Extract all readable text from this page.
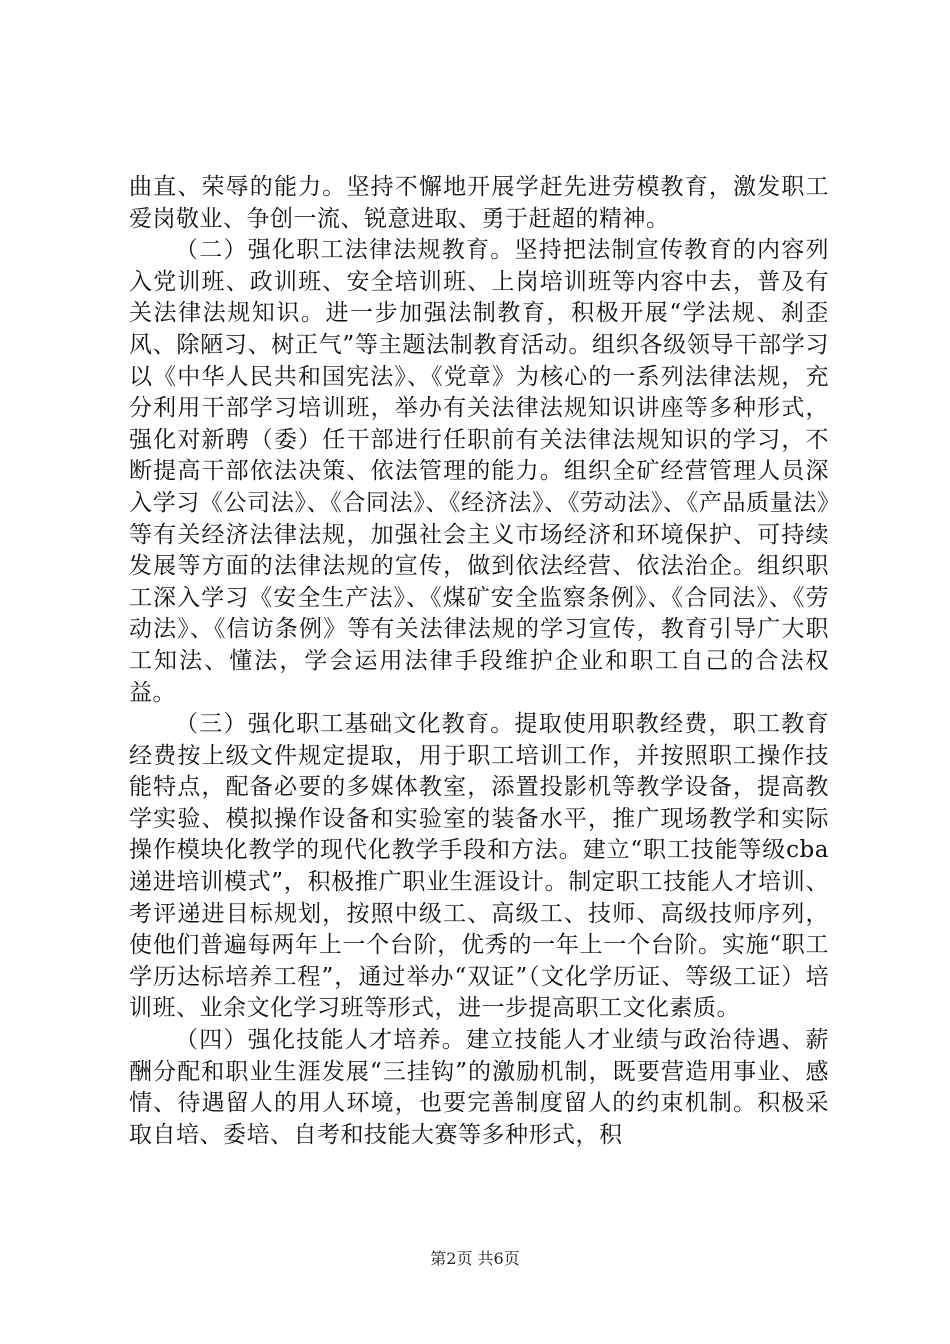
曲直、荣辱的能力。坚持不懈地开展学赶先进劳模教育，激发职工爱岗敬业、争创一流、锐意进取、勇于赶超的精神。

（二）强化职工法律法规教育。坚持把法制宣传教育的内容列入党训班、政训班、安全培训班、上岗培训班等内容中去，普及有关法律法规知识。进一步加强法制教育，积极开展“学法规、刹歪风、除陋习、树正气”等主题法制教育活动。组织各级领导干部学习以《中华人民共和国宪法》、《党章》为核心的一系列法律法规，充分利用干部学习培训班，举办有关法律法规知识讲座等多种形式，强化对新聘（委）任干部进行任职前有关法律法规知识的学习，不断提高干部依法决策、依法管理的能力。组织全矿经营管理人员深入学习《公司法》、《合同法》、《经济法》、《劳动法》、《产品质量法》等有关经济法律法规，加强社会主义市场经济和环境保护、可持续发展等方面的法律法规的宣传，做到依法经营、依法治企。组织职工深入学习《安全生产法》、《煤矿安全监察条例》、《合同法》、《劳动法》、《信访条例》等有关法律法规的学习宣传，教育引导广大职工知法、懂法，学会运用法律手段维护企业和职工自己的合法权益。

（三）强化职工基础文化教育。提取使用职教经费，职工教育经费按上级文件规定提取，用于职工培训工作，并按照职工操作技能特点，配备必要的多媒体教室，添置投影机等教学设备，提高教学实验、模拟操作设备和实验室的装备水平，推广现场教学和实际操作模块化教学的现代化教学手段和方法。建立“职工技能等级cba递进培训模式”，积极推广职业生涯设计。制定职工技能人才培训、考评递进目标规划，按照中级工、高级工、技师、高级技师序列，使他们普遍每两年上一个台阶，优秀的一年上一个台阶。实施“职工学历达标培养工程”，通过举办“双证”（文化学历证、等级工证）培训班、业余文化学习班等形式，进一步提高职工文化素质。

（四）强化技能人才培养。建立技能人才业绩与政治待遇、薪酬分配和职业生涯发展“三挂钩”的激励机制，既要营造用事业、感情、待遇留人的用人环境，也要完善制度留人的约束机制。积极采取自培、委培、自考和技能大赛等多种形式，积

第2页 共6页
